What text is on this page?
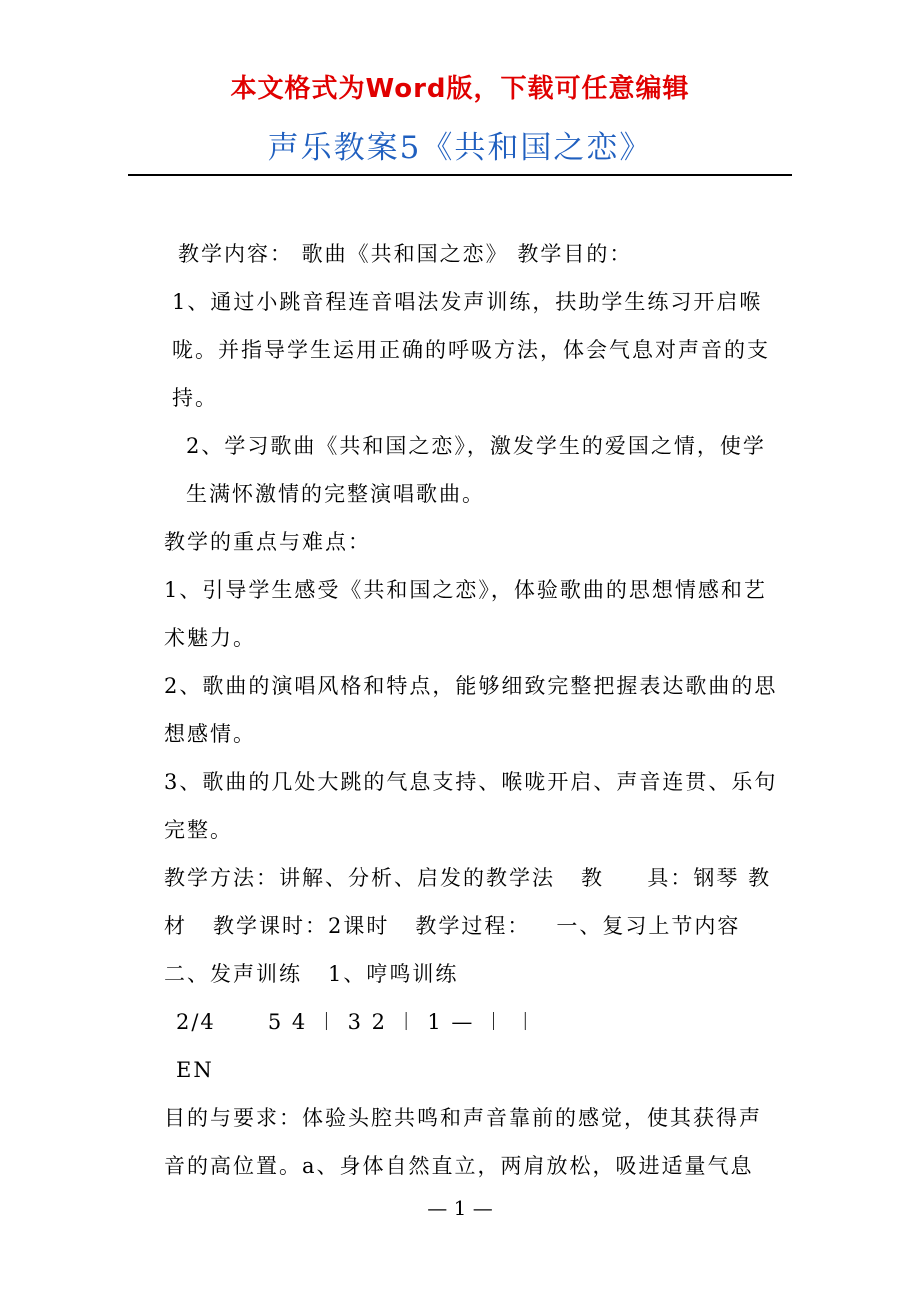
本文格式为Word版，下载可任意编辑
声乐教案5《共和国之恋》

教学内容： 歌曲《共和国之恋》 教学目的：

1、通过小跳音程连音唱法发声训练，扶助学生练习开启喉咙。并指导学生运用正确的呼吸方法，体会气息对声音的支持。

2、学习歌曲《共和国之恋》，激发学生的爱国之情，使学生满怀激情的完整演唱歌曲。

教学的重点与难点：

1、引导学生感受《共和国之恋》，体验歌曲的思想情感和艺术魅力。

2、歌曲的演唱风格和特点，能够细致完整把握表达歌曲的思想感情。

3、歌曲的几处大跳的气息支持、喉咙开启、声音连贯、乐句完整。

教学方法：讲解、分析、启发的教学法   教     具：钢琴 教材   教学课时：2课时   教学过程：   一、复习上节内容   二、发声训练   1、哼鸣训练

2/4      5 4 ︱ 3 2 ︱ 1 — ︱ ︱

EN

目的与要求：体验头腔共鸣和声音靠前的感觉，使其获得声音的高位置。a、身体自然直立，两肩放松，吸进适量气息

— 1 —
